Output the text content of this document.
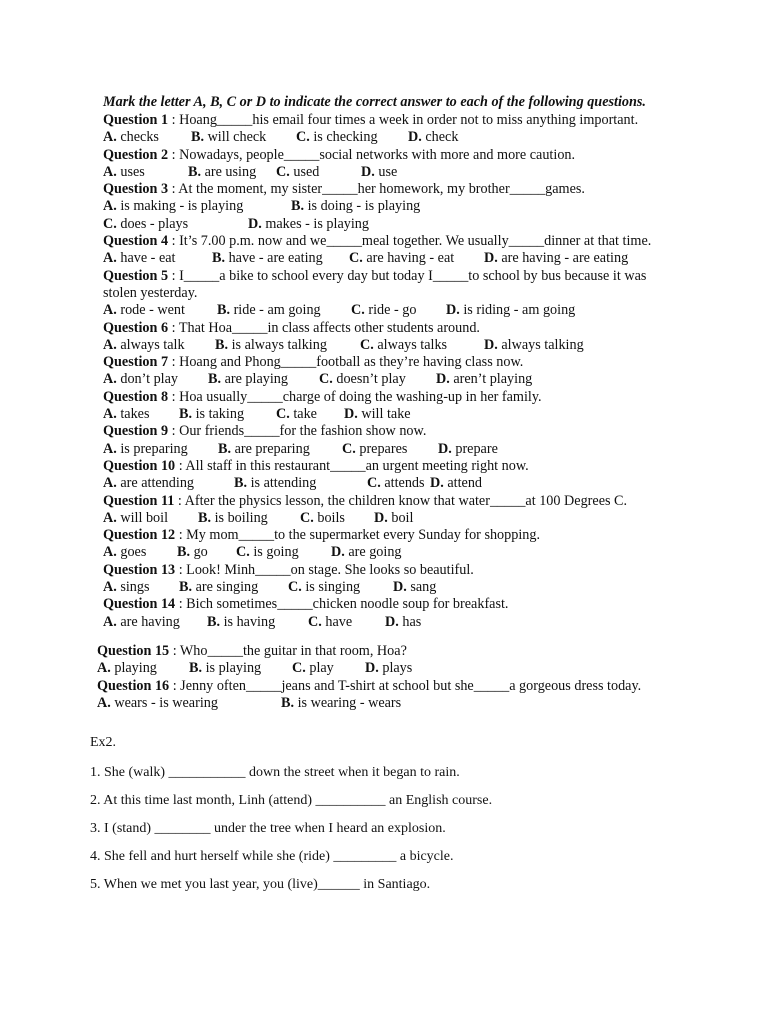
Mark the letter A, B, C or D to indicate the correct answer to each of the following questions.
Question 1 : Hoang_____his email four times a week in order not to miss anything important.
A. checks B. will check C. is checking D. check
Question 2 : Nowadays, people_____social networks with more and more caution.
A. uses	B. are using C. used	D. use
Question 3 : At the moment, my sister_____her homework, my brother_____games.
A. is making - is playing	B. is doing - is playing
C. does - plays	D. makes - is playing
Question 4 : It’s 7.00 p.m. now and we_____meal together. We usually_____dinner at that time.
A. have - eat	B. have - are eating C. are having - eat D. are having - are eating
Question 5 : I_____a bike to school every day but today I_____to school by bus because it was
stolen yesterday.
A. rode - went B. ride - am going C. ride - go D. is riding - am going
Question 6 : That Hoa_____in class affects other students around.
A. always talk B. is always talking C. always talks	D. always talking
Question 7 : Hoang and Phong_____football as they’re having class now.
A. don’t play B. are playing C. doesn’t play D. aren’t playing
Question 8 : Hoa usually_____charge of doing the washing-up in her family.
A. takes B. is taking C. take D. will take
Question 9 : Our friends_____for the fashion show now.
A. is preparing B. are preparing C. prepares D. prepare
Question 10 : All staff in this restaurant_____an urgent meeting right now.
A. are attending	B. is attending	C. attends D. attend
Question 11 : After the physics lesson, the children know that water_____at 100 Degrees C.
A. will boil B. is boiling C. boils D. boil
Question 12 : My mom_____to the supermarket every Sunday for shopping.
A. goes B. go C. is going D. are going
Question 13 : Look! Minh_____on stage. She looks so beautiful.
A. sings B. are singing C. is singing D. sang
Question 14 : Bich sometimes_____chicken noodle soup for breakfast.
A. are having B. is having C. have D. has
Question 15 : Who_____the guitar in that room, Hoa?
A. playing B. is playing C. play D. plays
Question 16 : Jenny often_____jeans and T-shirt at school but she_____a gorgeous dress today.
A. wears - is wearing	B. is wearing - wears
Ex2.
1. She (walk) ___________ down the street when it began to rain.
2. At this time last month, Linh (attend) __________ an English course.
3. I (stand) ________ under the tree when I heard an explosion.
4. She fell and hurt herself while she (ride) _________ a bicycle.
5. When we met you last year, you (live)______ in Santiago.
